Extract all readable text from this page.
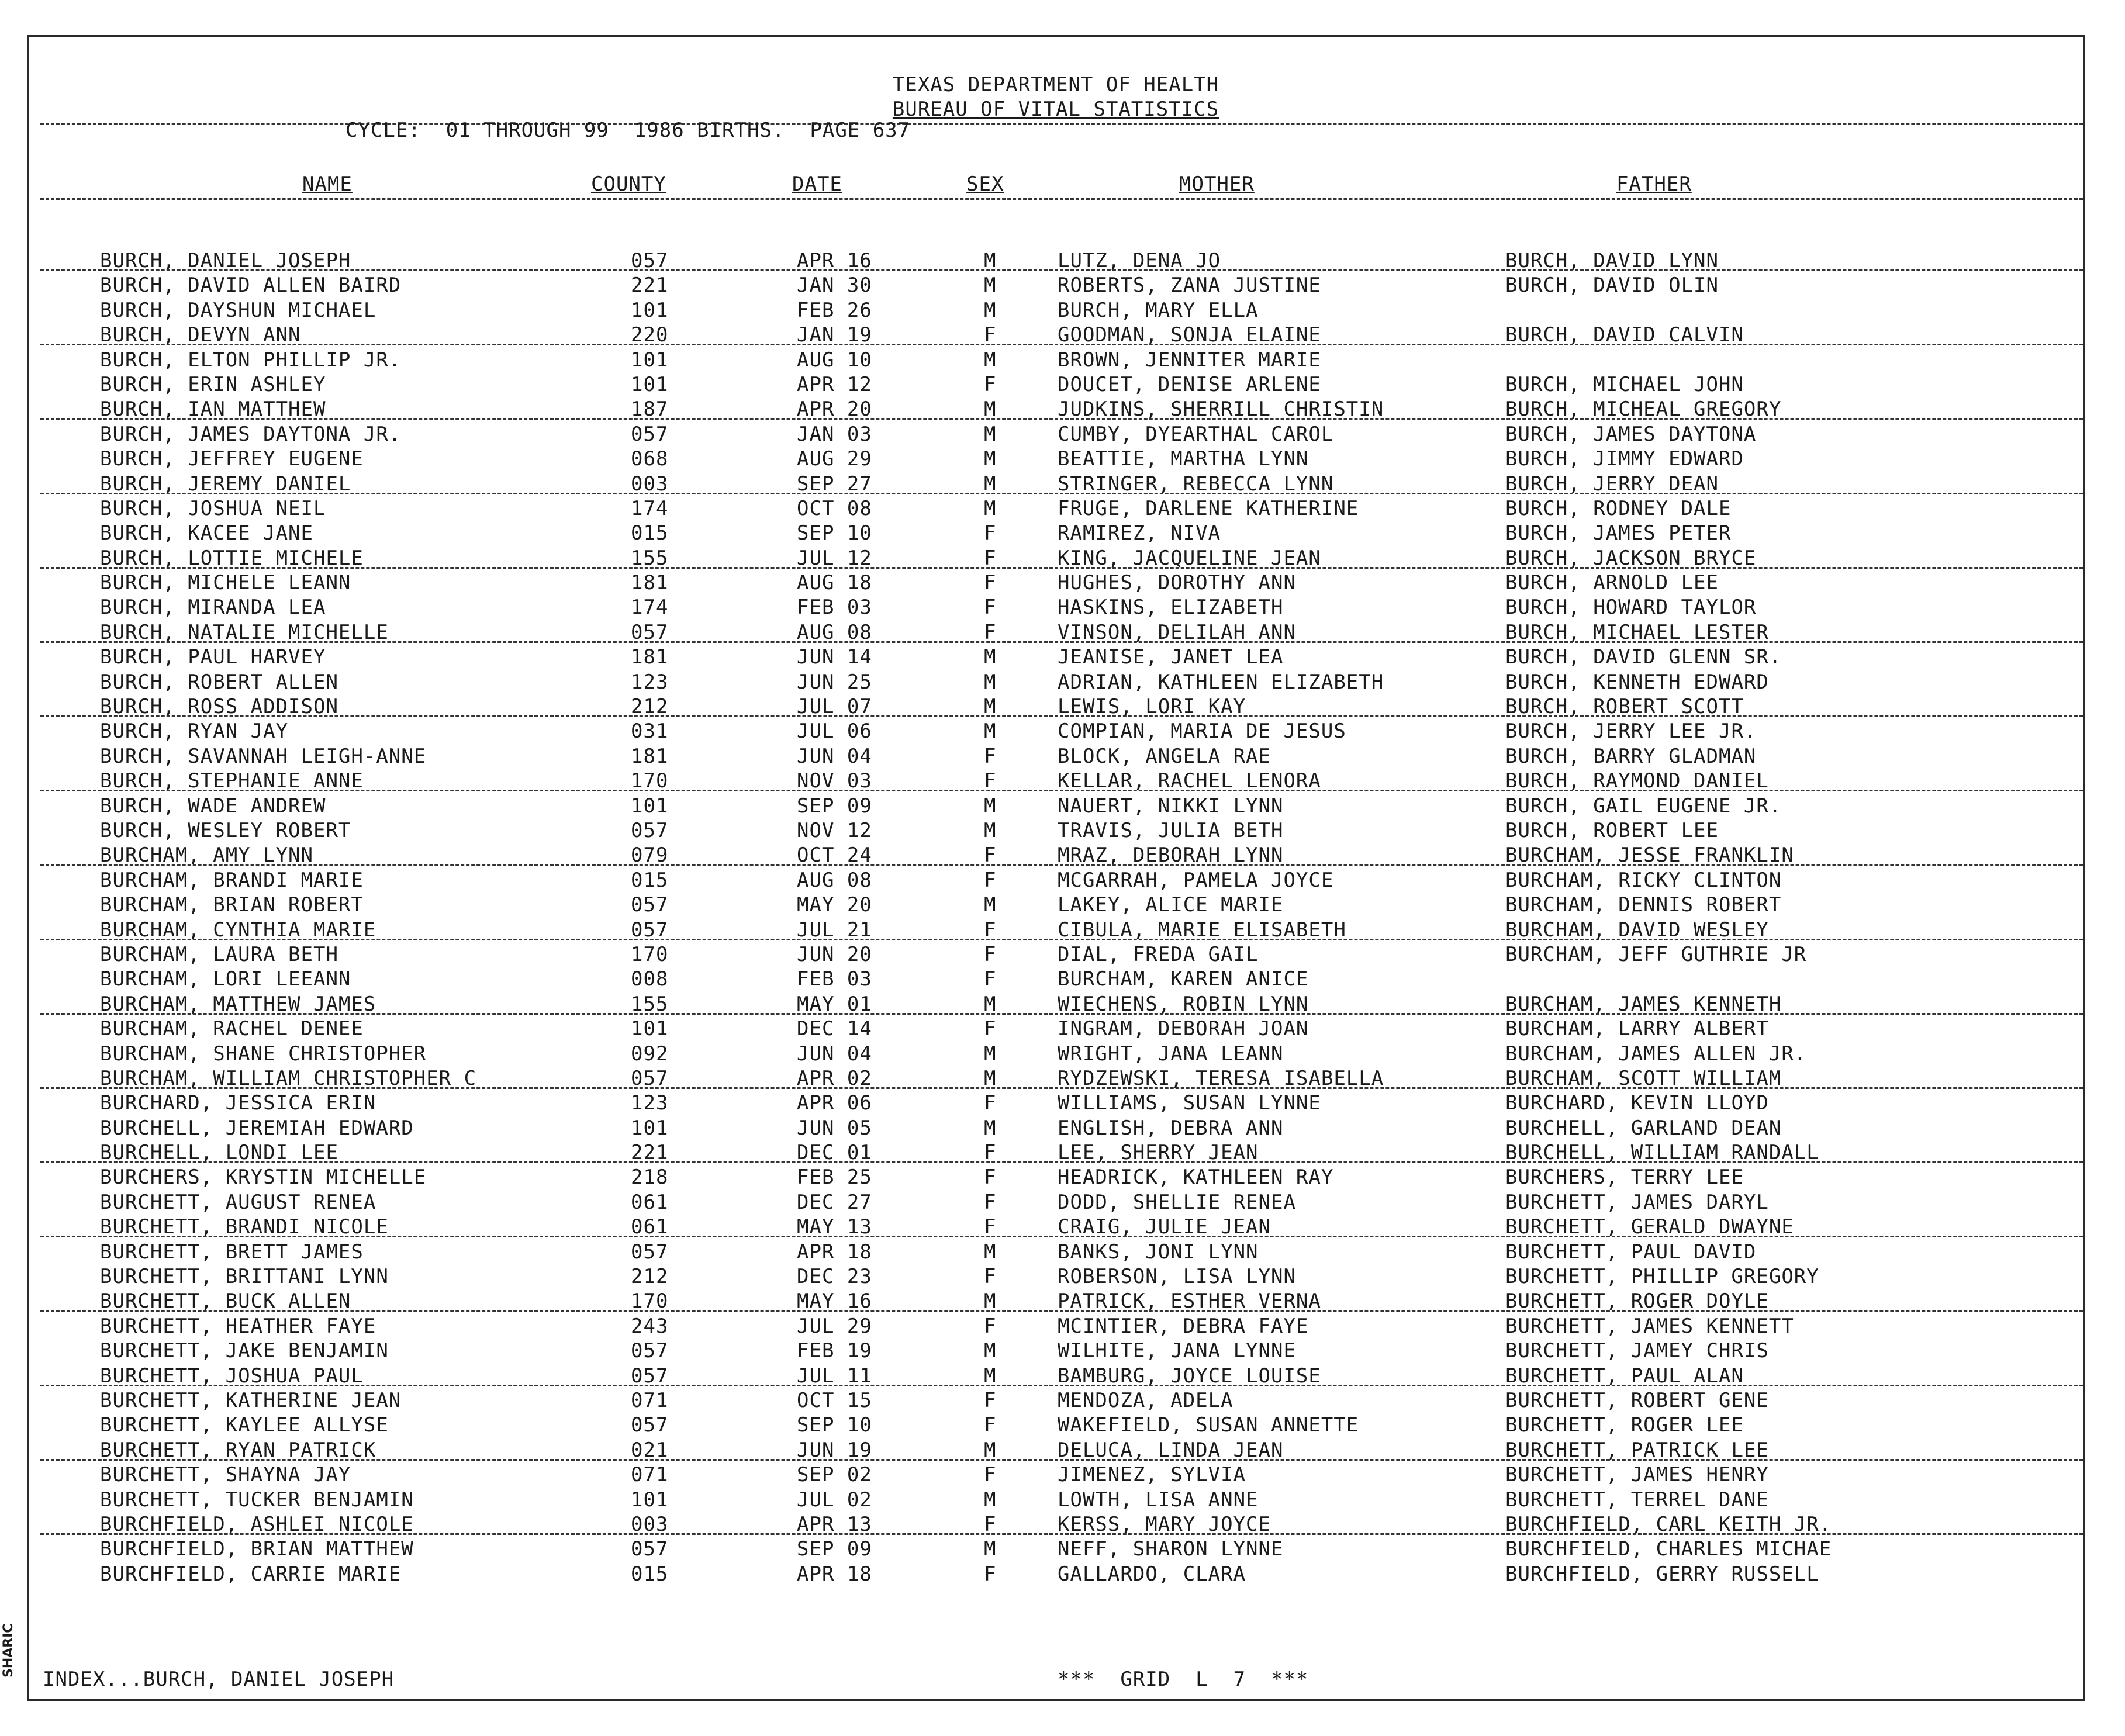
TEXAS DEPARTMENT OF HEALTH
BUREAU OF VITAL STATISTICS
CYCLE:  01 THROUGH 99  1986 BIRTHS.  PAGE 637
NAME	COUNTY	DATE	SEX	MOTHER	FATHER
BURCH, DANIEL JOSEPH	057	APR 16	M	LUTZ, DENA JO	BURCH, DAVID LYNN
BURCH, DAVID ALLEN BAIRD	221	JAN 30	M	ROBERTS, ZANA JUSTINE	BURCH, DAVID OLIN
BURCH, DAYSHUN MICHAEL	101	FEB 26	M	BURCH, MARY ELLA
BURCH, DEVYN ANN	220	JAN 19	F	GOODMAN, SONJA ELAINE	BURCH, DAVID CALVIN
BURCH, ELTON PHILLIP JR.	101	AUG 10	M	BROWN, JENNITER MARIE
BURCH, ERIN ASHLEY	101	APR 12	F	DOUCET, DENISE ARLENE	BURCH, MICHAEL JOHN
BURCH, IAN MATTHEW	187	APR 20	M	JUDKINS, SHERRILL CHRISTIN	BURCH, MICHEAL GREGORY
BURCH, JAMES DAYTONA JR.	057	JAN 03	M	CUMBY, DYEARTHAL CAROL	BURCH, JAMES DAYTONA
BURCH, JEFFREY EUGENE	068	AUG 29	M	BEATTIE, MARTHA LYNN	BURCH, JIMMY EDWARD
BURCH, JEREMY DANIEL	003	SEP 27	M	STRINGER, REBECCA LYNN	BURCH, JERRY DEAN
BURCH, JOSHUA NEIL	174	OCT 08	M	FRUGE, DARLENE KATHERINE	BURCH, RODNEY DALE
BURCH, KACEE JANE	015	SEP 10	F	RAMIREZ, NIVA	BURCH, JAMES PETER
BURCH, LOTTIE MICHELE	155	JUL 12	F	KING, JACQUELINE JEAN	BURCH, JACKSON BRYCE
BURCH, MICHELE LEANN	181	AUG 18	F	HUGHES, DOROTHY ANN	BURCH, ARNOLD LEE
BURCH, MIRANDA LEA	174	FEB 03	F	HASKINS, ELIZABETH	BURCH, HOWARD TAYLOR
BURCH, NATALIE MICHELLE	057	AUG 08	F	VINSON, DELILAH ANN	BURCH, MICHAEL LESTER
BURCH, PAUL HARVEY	181	JUN 14	M	JEANISE, JANET LEA	BURCH, DAVID GLENN SR.
BURCH, ROBERT ALLEN	123	JUN 25	M	ADRIAN, KATHLEEN ELIZABETH	BURCH, KENNETH EDWARD
BURCH, ROSS ADDISON	212	JUL 07	M	LEWIS, LORI KAY	BURCH, ROBERT SCOTT
BURCH, RYAN JAY	031	JUL 06	M	COMPIAN, MARIA DE JESUS	BURCH, JERRY LEE JR.
BURCH, SAVANNAH LEIGH-ANNE	181	JUN 04	F	BLOCK, ANGELA RAE	BURCH, BARRY GLADMAN
BURCH, STEPHANIE ANNE	170	NOV 03	F	KELLAR, RACHEL LENORA	BURCH, RAYMOND DANIEL
BURCH, WADE ANDREW	101	SEP 09	M	NAUERT, NIKKI LYNN	BURCH, GAIL EUGENE JR.
BURCH, WESLEY ROBERT	057	NOV 12	M	TRAVIS, JULIA BETH	BURCH, ROBERT LEE
BURCHAM, AMY LYNN	079	OCT 24	F	MRAZ, DEBORAH LYNN	BURCHAM, JESSE FRANKLIN
BURCHAM, BRANDI MARIE	015	AUG 08	F	MCGARRAH, PAMELA JOYCE	BURCHAM, RICKY CLINTON
BURCHAM, BRIAN ROBERT	057	MAY 20	M	LAKEY, ALICE MARIE	BURCHAM, DENNIS ROBERT
BURCHAM, CYNTHIA MARIE	057	JUL 21	F	CIBULA, MARIE ELISABETH	BURCHAM, DAVID WESLEY
BURCHAM, LAURA BETH	170	JUN 20	F	DIAL, FREDA GAIL	BURCHAM, JEFF GUTHRIE JR
BURCHAM, LORI LEEANN	008	FEB 03	F	BURCHAM, KAREN ANICE
BURCHAM, MATTHEW JAMES	155	MAY 01	M	WIECHENS, ROBIN LYNN	BURCHAM, JAMES KENNETH
BURCHAM, RACHEL DENEE	101	DEC 14	F	INGRAM, DEBORAH JOAN	BURCHAM, LARRY ALBERT
BURCHAM, SHANE CHRISTOPHER	092	JUN 04	M	WRIGHT, JANA LEANN	BURCHAM, JAMES ALLEN JR.
BURCHAM, WILLIAM CHRISTOPHER C	057	APR 02	M	RYDZEWSKI, TERESA ISABELLA	BURCHAM, SCOTT WILLIAM
BURCHARD, JESSICA ERIN	123	APR 06	F	WILLIAMS, SUSAN LYNNE	BURCHARD, KEVIN LLOYD
BURCHELL, JEREMIAH EDWARD	101	JUN 05	M	ENGLISH, DEBRA ANN	BURCHELL, GARLAND DEAN
BURCHELL, LONDI LEE	221	DEC 01	F	LEE, SHERRY JEAN	BURCHELL, WILLIAM RANDALL
BURCHERS, KRYSTIN MICHELLE	218	FEB 25	F	HEADRICK, KATHLEEN RAY	BURCHERS, TERRY LEE
BURCHETT, AUGUST RENEA	061	DEC 27	F	DODD, SHELLIE RENEA	BURCHETT, JAMES DARYL
BURCHETT, BRANDI NICOLE	061	MAY 13	F	CRAIG, JULIE JEAN	BURCHETT, GERALD DWAYNE
BURCHETT, BRETT JAMES	057	APR 18	M	BANKS, JONI LYNN	BURCHETT, PAUL DAVID
BURCHETT, BRITTANI LYNN	212	DEC 23	F	ROBERSON, LISA LYNN	BURCHETT, PHILLIP GREGORY
BURCHETT, BUCK ALLEN	170	MAY 16	M	PATRICK, ESTHER VERNA	BURCHETT, ROGER DOYLE
BURCHETT, HEATHER FAYE	243	JUL 29	F	MCINTIER, DEBRA FAYE	BURCHETT, JAMES KENNETT
BURCHETT, JAKE BENJAMIN	057	FEB 19	M	WILHITE, JANA LYNNE	BURCHETT, JAMEY CHRIS
BURCHETT, JOSHUA PAUL	057	JUL 11	M	BAMBURG, JOYCE LOUISE	BURCHETT, PAUL ALAN
BURCHETT, KATHERINE JEAN	071	OCT 15	F	MENDOZA, ADELA	BURCHETT, ROBERT GENE
BURCHETT, KAYLEE ALLYSE	057	SEP 10	F	WAKEFIELD, SUSAN ANNETTE	BURCHETT, ROGER LEE
BURCHETT, RYAN PATRICK	021	JUN 19	M	DELUCA, LINDA JEAN	BURCHETT, PATRICK LEE
BURCHETT, SHAYNA JAY	071	SEP 02	F	JIMENEZ, SYLVIA	BURCHETT, JAMES HENRY
BURCHETT, TUCKER BENJAMIN	101	JUL 02	M	LOWTH, LISA ANNE	BURCHETT, TERREL DANE
BURCHFIELD, ASHLEI NICOLE	003	APR 13	F	KERSS, MARY JOYCE	BURCHFIELD, CARL KEITH JR.
BURCHFIELD, BRIAN MATTHEW	057	SEP 09	M	NEFF, SHARON LYNNE	BURCHFIELD, CHARLES MICHAE
BURCHFIELD, CARRIE MARIE	015	APR 18	F	GALLARDO, CLARA	BURCHFIELD, GERRY RUSSELL
INDEX...BURCH, DANIEL JOSEPH	***  GRID  L  7  ***
SHARIC
